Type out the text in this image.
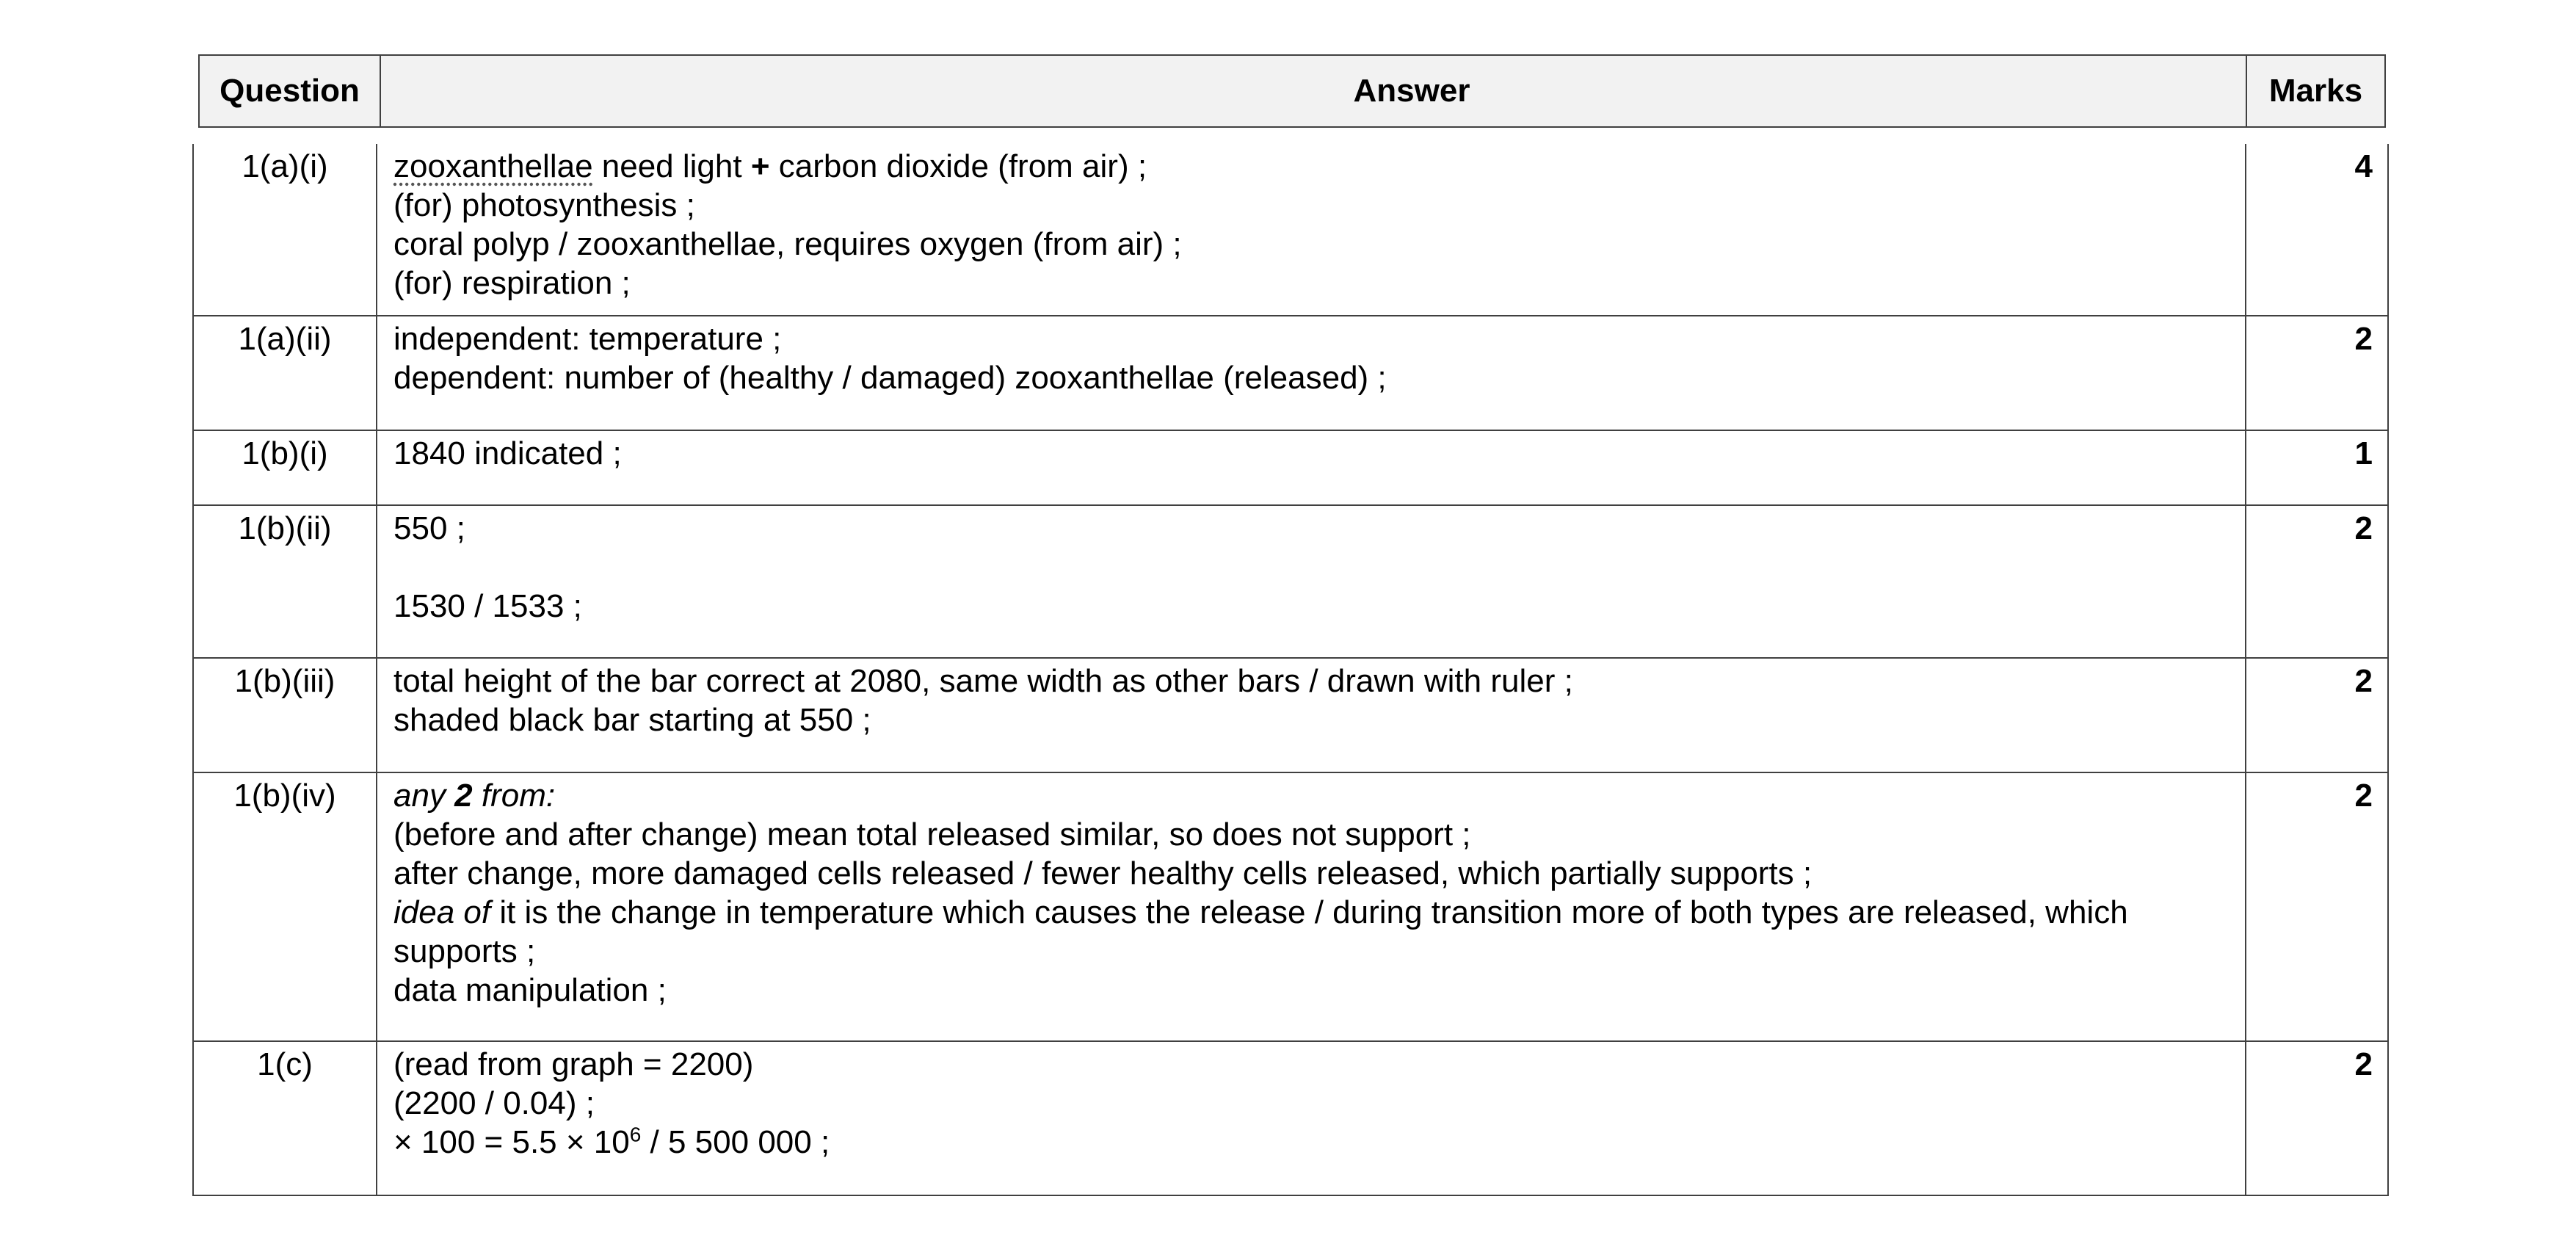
Question	Answer	Marks
1(a)(i)	zooxanthellae need light + carbon dioxide (from air) ;
(for) photosynthesis ;
coral polyp / zooxanthellae, requires oxygen (from air) ;
(for) respiration ;	4
1(a)(ii)	independent: temperature ;
dependent: number of (healthy / damaged) zooxanthellae (released) ;	2
1(b)(i)	1840 indicated ;	1
1(b)(ii)	550 ;
1530 / 1533 ;	2
1(b)(iii)	total height of the bar correct at 2080, same width as other bars / drawn with ruler ;
shaded black bar starting at 550 ;	2
1(b)(iv)	any 2 from:
(before and after change) mean total released similar, so does not support ;
after change, more damaged cells released / fewer healthy cells released, which partially supports ;
idea of it is the change in temperature which causes the release / during transition more of both types are released, which supports ;
data manipulation ;	2
1(c)	(read from graph = 2200)
(2200 / 0.04) ;
× $100 = 5.5 \times 10^6 / 5$ 500 000 ;	2
